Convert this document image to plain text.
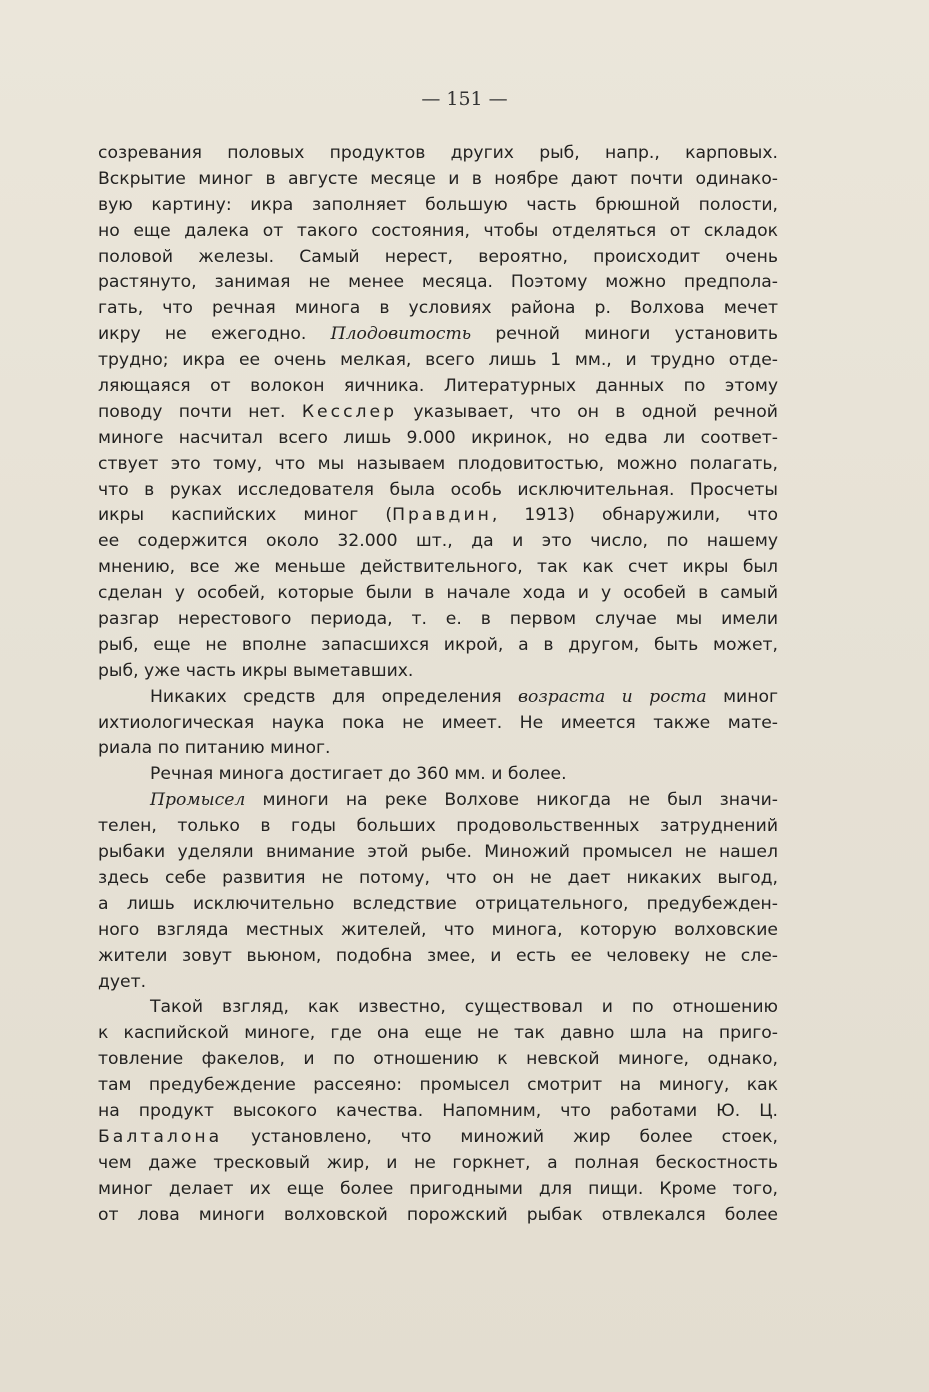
— 151 —
созревания половых продуктов других рыб, напр., карповых.
Вскрытие миног в августе месяце и в ноябре дают почти одинако-
вую картину: икра заполняет большую часть брюшной полости,
но еще далека от такого состояния, чтобы отделяться от складок
половой железы. Самый нерест, вероятно, происходит очень
растянуто, занимая не менее месяца. Поэтому можно предпола-
гать, что речная минога в условиях района р. Волхова мечет
икру не ежегодно. Плодовитость речной миноги установить
трудно; икра ее очень мелкая, всего лишь 1 мм., и трудно отде-
ляющаяся от волокон яичника. Литературных данных по этому
поводу почти нет. Кесслер указывает, что он в одной речной
миноге насчитал всего лишь 9.000 икринок, но едва ли соответ-
ствует это тому, что мы называем плодовитостью, можно полагать,
что в руках исследователя была особь исключительная. Просчеты
икры каспийских миног (Правдин, 1913) обнаружили, что
ее содержится около 32.000 шт., да и это число, по нашему
мнению, все же меньше действительного, так как счет икры был
сделан у особей, которые были в начале хода и у особей в самый
разгар нерестового периода, т. е. в первом случае мы имели
рыб, еще не вполне запасшихся икрой, а в другом, быть может,
рыб, уже часть икры выметавших.
Никаких средств для определения возраста и роста миног
ихтиологическая наука пока не имеет. Не имеется также мате-
риала по питанию миног.
Речная минога достигает до 360 мм. и более.
Промысел миноги на реке Волхове никогда не был значи-
телен, только в годы больших продовольственных затруднений
рыбаки уделяли внимание этой рыбе. Миножий промысел не нашел
здесь себе развития не потому, что он не дает никаких выгод,
а лишь исключительно вследствие отрицательного, предубежден-
ного взгляда местных жителей, что минога, которую волховские
жители зовут вьюном, подобна змее, и есть ее человеку не сле-
дует.
Такой взгляд, как известно, существовал и по отношению
к каспийской миноге, где она еще не так давно шла на приго-
товление факелов, и по отношению к невской миноге, однако,
там предубеждение рассеяно: промысел смотрит на миногу, как
на продукт высокого качества. Напомним, что работами Ю. Ц.
Балталона установлено, что миножий жир более стоек,
чем даже тресковый жир, и не горкнет, а полная бескостность
миног делает их еще более пригодными для пищи. Кроме того,
от лова миноги волховской порожский рыбак отвлекался более
